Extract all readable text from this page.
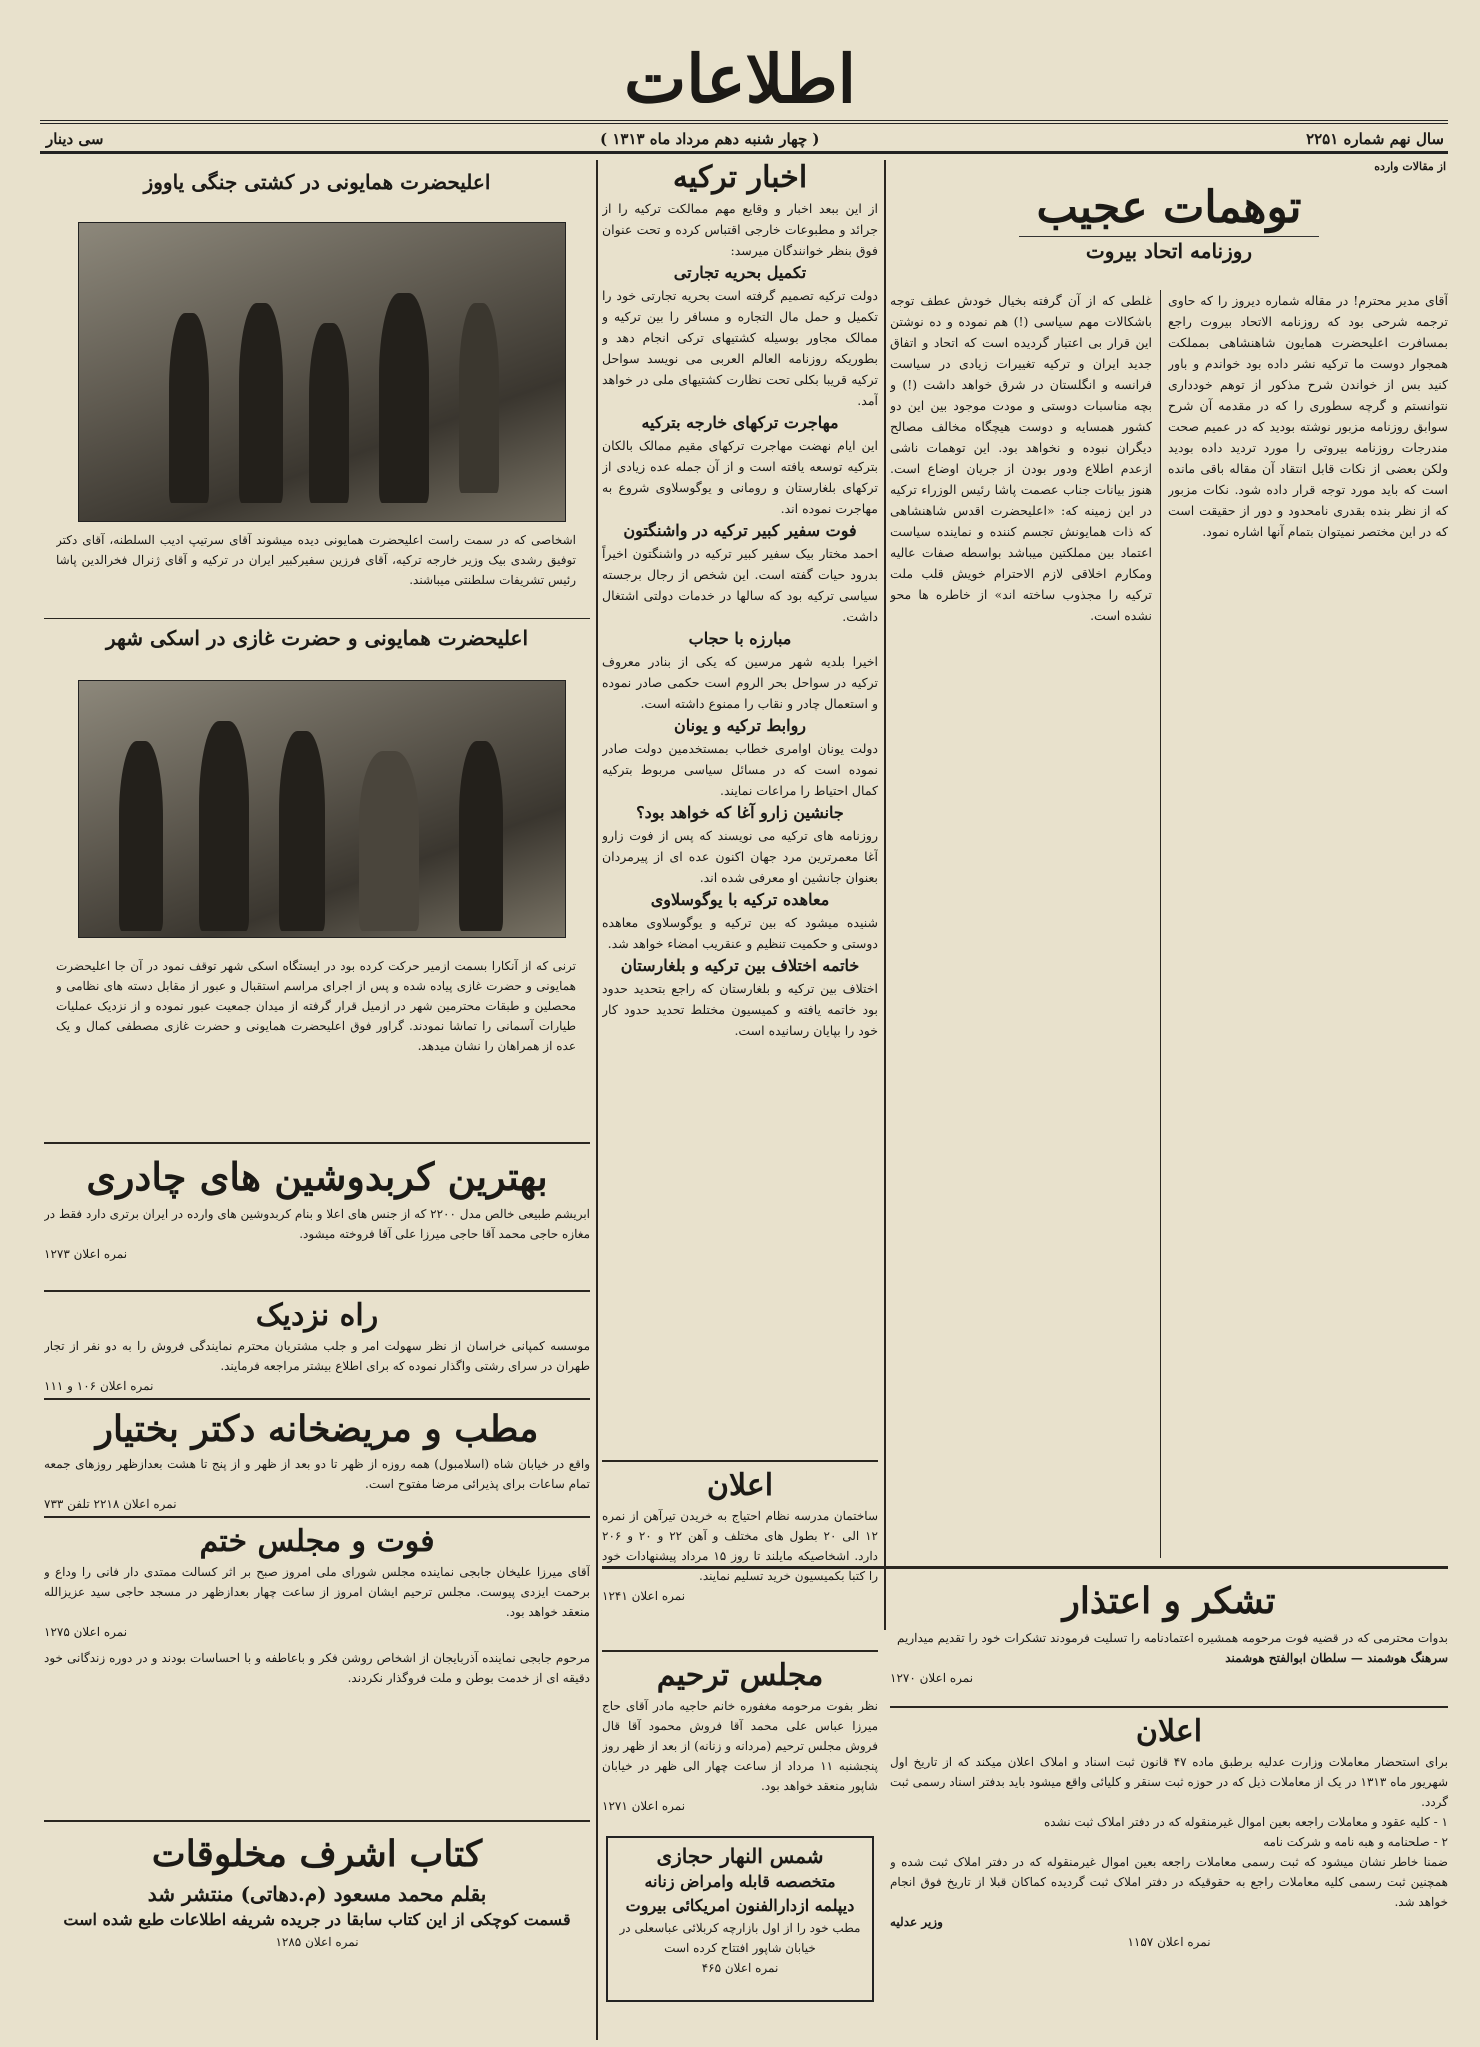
اطلاعات
سال نهم شماره ۲۲۵۱
( چهار شنبه دهم مرداد ماه ۱۳۱۳ )
سی دینار
از مقالات وارده
توهمات عجیب
روزنامه اتحاد بیروت
آقای مدیر محترم! در مقاله شماره دیروز را که حاوی ترجمه شرحی بود که روزنامه الاتحاد بیروت راجع بمسافرت اعلیحضرت همایون شاهنشاهی بمملکت همجوار دوست ما ترکیه نشر داده بود خواندم و باور کنید بس از خواندن شرح مذکور از توهم خودداری نتوانستم و گرچه سطوری را که در مقدمه آن شرح سوابق روزنامه مزبور نوشته بودید که در عمیم صحت مندرجات روزنامه بیروتی را مورد تردید داده بودید ولکن بعضی از نکات قابل انتقاد آن مقاله باقی مانده است که باید مورد توجه قرار داده شود. نکات مزبور که از نظر بنده بقدری نامحدود و دور از حقیقت است که در این مختصر نمیتوان بتمام آنها اشاره نمود.
غلطی که از آن گرفته بخیال خودش عطف توجه باشکالات مهم سیاسی (!) هم نموده و ده نوشتن این قرار بی اعتبار گردیده است که اتحاد و اتفاق جدید ایران و ترکیه تغییرات زیادی در سیاست فرانسه و انگلستان در شرق خواهد داشت (!) و بچه مناسبات دوستی و مودت موجود بین این دو کشور همسایه و دوست هیچگاه مخالف مصالح دیگران نبوده و نخواهد بود. این توهمات ناشی ازعدم اطلاع ودور بودن از جریان اوضاع است. هنوز بیانات جناب عصمت پاشا رئیس الوزراء ترکیه در این زمینه که: «اعلیحضرت اقدس شاهنشاهی که ذات همایونش تجسم کننده و نماینده سیاست اعتماد بین مملکتین میباشد بواسطه صفات عالیه ومکارم اخلاقی لازم الاحترام خویش قلب ملت ترکیه را مجذوب ساخته اند» از خاطره ها محو نشده است.
اخبار ترکیه
از این ببعد اخبار و وقایع مهم ممالکت ترکیه را از جرائد و مطبوعات خارجی اقتباس کرده و تحت عنوان فوق بنظر خوانندگان میرسد:
تکمیل بحریه تجارتی
دولت ترکیه تصمیم گرفته است بحریه تجارتی خود را تکمیل و حمل مال التجاره و مسافر را بین ترکیه و ممالک مجاور بوسیله کشتیهای ترکی انجام دهد و بطوریکه روزنامه العالم العربی می نویسد سواحل ترکیه قریبا بکلی تحت نظارت کشتیهای ملی در خواهد آمد.
مهاجرت ترکهای خارجه بترکیه
این ایام نهضت مهاجرت ترکهای مقیم ممالک بالکان بترکیه توسعه یافته است و از آن جمله عده زیادی از ترکهای بلغارستان و رومانی و یوگوسلاوی شروع به مهاجرت نموده اند.
فوت سفیر کبیر ترکیه در واشنگتون
احمد مختار بیک سفیر کبیر ترکیه در واشنگتون اخیراً بدرود حیات گفته است. این شخص از رجال برجسته سیاسی ترکیه بود که سالها در خدمات دولتی اشتغال داشت.
مبارزه با حجاب
اخیرا بلدیه شهر مرسین که یکی از بنادر معروف ترکیه در سواحل بحر الروم است حکمی صادر نموده و استعمال چادر و نقاب را ممنوع داشته است.
روابط ترکیه و یونان
دولت یونان اوامری خطاب بمستخدمین دولت صادر نموده است که در مسائل سیاسی مربوط بترکیه کمال احتیاط را مراعات نمایند.
جانشین زارو آغا که خواهد بود؟
روزنامه های ترکیه می نویسند که پس از فوت زارو آغا معمرترین مرد جهان اکنون عده ای از پیرمردان بعنوان جانشین او معرفی شده اند.
معاهده ترکیه با یوگوسلاوی
شنیده میشود که بین ترکیه و یوگوسلاوی معاهده دوستی و حکمیت تنظیم و عنقریب امضاء خواهد شد.
خاتمه اختلاف بین ترکیه و بلغارستان
اختلاف بین ترکیه و بلغارستان که راجع بتحدید حدود بود خاتمه یافته و کمیسیون مختلط تحدید حدود کار خود را بپایان رسانیده است.
اعلیحضرت همایونی در کشتی جنگی یاووز
اشخاصی که در سمت راست اعلیحضرت همایونی دیده میشوند آقای سرتیپ ادیب السلطنه، آقای دکتر توفیق رشدی بیک وزیر خارجه ترکیه، آقای فرزین سفیرکبیر ایران در ترکیه و آقای ژنرال فخرالدین پاشا رئیس تشریفات سلطنتی میباشند.
اعلیحضرت همایونی و حضرت غازی در اسکی شهر
ترنی که از آنکارا بسمت ازمیر حرکت کرده بود در ایستگاه اسکی شهر توقف نمود در آن جا اعلیحضرت همایونی و حضرت غازی پیاده شده و پس از اجرای مراسم استقبال و عبور از مقابل دسته های نظامی و محصلین و طبقات محترمین شهر در ازمیل قرار گرفته از میدان جمعیت عبور نموده و از نزدیک عملیات طیارات آسمانی را تماشا نمودند. گراور فوق اعلیحضرت همایونی و حضرت غازی مصطفی کمال و یک عده از همراهان را نشان میدهد.
بهترین کربدوشین های چادری
ابریشم طبیعی خالص مدل ۲۲۰۰ که از جنس های اعلا و بنام کربدوشین های وارده در ایران برتری دارد فقط در مغازه حاجی محمد آقا حاجی میرزا علی آقا فروخته میشود.
نمره اعلان ۱۲۷۳
راه نزدیک
موسسه کمپانی خراسان از نظر سهولت امر و جلب مشتریان محترم نمایندگی فروش را به دو نفر از تجار طهران در سرای رشتی واگذار نموده که برای اطلاع بیشتر مراجعه فرمایند.
نمره اعلان ۱۰۶ و ۱۱۱
مطب و مریضخانه دکتر بختیار
واقع در خیابان شاه (اسلامبول) همه روزه از ظهر تا دو بعد از ظهر و از پنج تا هشت بعدازظهر روزهای جمعه تمام ساعات برای پذیرائی مرضا مفتوح است.
نمره اعلان ۲۲۱۸ تلفن ۷۳۳
فوت و مجلس ختم
آقای میرزا علیخان جابجی نماینده مجلس شورای ملی امروز صبح بر اثر کسالت ممتدی دار فانی را وداع و برحمت ایزدی پیوست. مجلس ترحیم ایشان امروز از ساعت چهار بعدازظهر در مسجد حاجی سید عزیزالله منعقد خواهد بود.
نمره اعلان ۱۲۷۵
مرحوم جابجی نماینده آذربایجان از اشخاص روشن فکر و باعاطفه و با احساسات بودند و در دوره زندگانی خود دقیقه ای از خدمت بوطن و ملت فروگذار نکردند.
کتاب اشرف مخلوقات
بقلم محمد مسعود (م.دهاتی) منتشر شد
قسمت کوچکی از این کتاب سابقا در جریده شریفه اطلاعات طبع شده است
نمره اعلان ۱۲۸۵
اعلان
ساختمان مدرسه نظام احتیاج به خریدن تیرآهن از نمره ۱۲ الی ۲۰ بطول های مختلف و آهن ۲۲ و ۲۰ و ۲۰۶ دارد. اشخاصیکه مایلند تا روز ۱۵ مرداد پیشنهادات خود را کتبا بکمیسیون خرید تسلیم نمایند.
نمره اعلان ۱۲۴۱
مجلس ترحیم
نظر بفوت مرحومه مغفوره خانم حاجیه مادر آقای حاج میرزا عباس علی محمد آقا فروش محمود آقا قال فروش مجلس ترحیم (مردانه و زنانه) از بعد از ظهر روز پنجشنبه ۱۱ مرداد از ساعت چهار الی ظهر در خیابان شاپور منعقد خواهد بود.
نمره اعلان ۱۲۷۱
شمس النهار حجازی
متخصصه قابله وامراض زنانه
دیپلمه ازدارالفنون امریکائی بیروت
مطب خود را از اول بازارچه کربلائی عباسعلی در خیابان شاپور افتتاح کرده است
نمره اعلان ۴۶۵
تشکر و اعتذار
بدوات محترمی که در قضیه فوت مرحومه همشیره اعتمادنامه را تسلیت فرمودند تشکرات خود را تقدیم میداریم
سرهنگ هوشمند — سلطان ابوالفتح هوشمند
نمره اعلان ۱۲۷۰
اعلان
برای استحضار معاملات وزارت عدلیه برطبق ماده ۴۷ قانون ثبت اسناد و املاک اعلان میکند که از تاریخ اول شهریور ماه ۱۳۱۳ در یک از معاملات ذیل که در حوزه ثبت سنقر و کلیائی واقع میشود باید بدفتر اسناد رسمی ثبت گردد.
۱ - کلیه عقود و معاملات راجعه بعین اموال غیرمنقوله که در دفتر املاک ثبت نشده
۲ - صلحنامه و هبه نامه و شرکت نامه
ضمنا خاطر نشان میشود که ثبت رسمی معاملات راجعه بعین اموال غیرمنقوله که در دفتر املاک ثبت شده و همچنین ثبت رسمی کلیه معاملات راجع به حقوقیکه در دفتر املاک ثبت گردیده کماکان قبلا از تاریخ فوق انجام خواهد شد.
وزیر عدلیه
نمره اعلان ۱۱۵۷
